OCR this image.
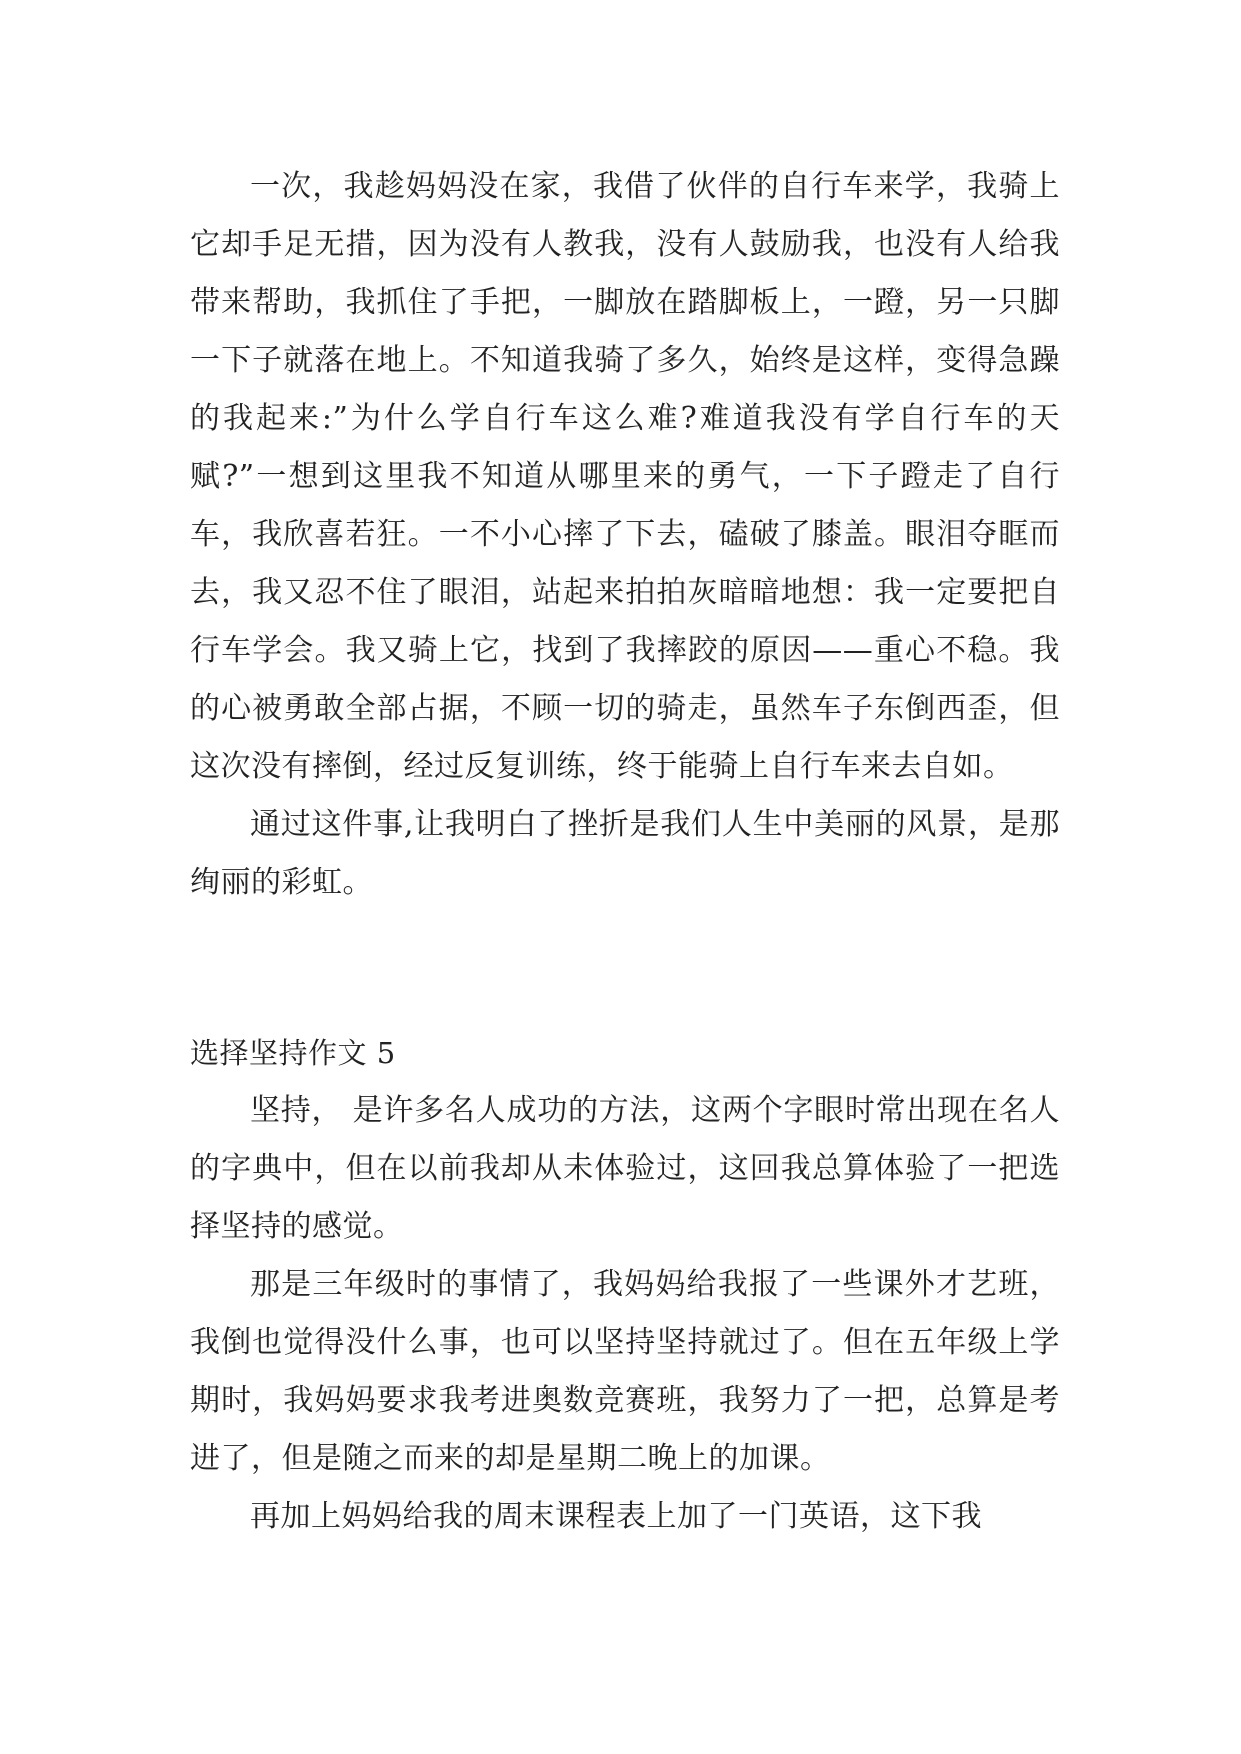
一次，我趁妈妈没在家，我借了伙伴的自行车来学，我骑上它却手足无措，因为没有人教我，没有人鼓励我，也没有人给我带来帮助，我抓住了手把，一脚放在踏脚板上，一蹬，另一只脚一下子就落在地上。不知道我骑了多久，始终是这样，变得急躁的我起来:”为什么学自行车这么难?难道我没有学自行车的天赋?”一想到这里我不知道从哪里来的勇气，一下子蹬走了自行车，我欣喜若狂。一不小心摔了下去，磕破了膝盖。眼泪夺眶而去，我又忍不住了眼泪，站起来拍拍灰暗暗地想：我一定要把自行车学会。我又骑上它，找到了我摔跤的原因——重心不稳。我的心被勇敢全部占据，不顾一切的骑走，虽然车子东倒西歪，但这次没有摔倒，经过反复训练，终于能骑上自行车来去自如。

通过这件事,让我明白了挫折是我们人生中美丽的风景，是那绚丽的彩虹。

选择坚持作文 5

坚持， 是许多名人成功的方法，这两个字眼时常出现在名人的字典中，但在以前我却从未体验过，这回我总算体验了一把选择坚持的感觉。

那是三年级时的事情了，我妈妈给我报了一些课外才艺班，我倒也觉得没什么事，也可以坚持坚持就过了。但在五年级上学期时，我妈妈要求我考进奥数竞赛班，我努力了一把，总算是考进了，但是随之而来的却是星期二晚上的加课。

再加上妈妈给我的周末课程表上加了一门英语，这下我
